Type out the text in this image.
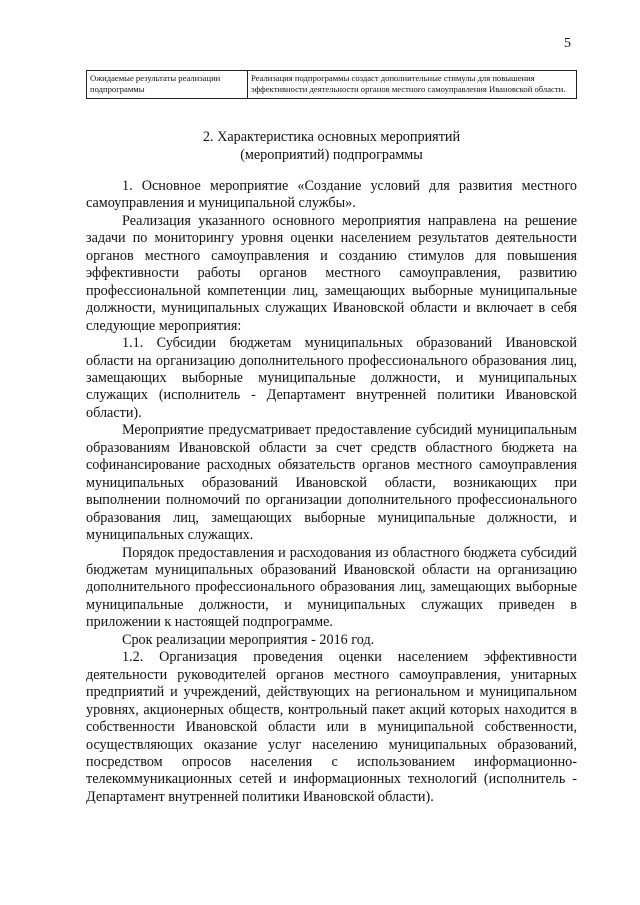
5
Ожидаемые результаты реализации подпрограммы	Реализация подпрограммы создаст дополнительные стимулы для повышения эффективности деятельности органов местного самоуправления Ивановской области.
2. Характеристика основных мероприятий
(мероприятий) подпрограммы

1. Основное мероприятие «Создание условий для развития местного самоуправления и муниципальной службы».

Реализация указанного основного мероприятия направлена на решение задачи по мониторингу уровня оценки населением результатов деятельности органов местного самоуправления и созданию стимулов для повышения эффективности работы органов местного самоуправления, развитию профессиональной компетенции лиц, замещающих выборные муниципальные должности, муниципальных служащих Ивановской области и включает в себя следующие мероприятия:

1.1. Субсидии бюджетам муниципальных образований Ивановской области на организацию дополнительного профессионального образования лиц, замещающих выборные муниципальные должности, и муниципальных служащих (исполнитель - Департамент внутренней политики Ивановской области).

Мероприятие предусматривает предоставление субсидий муниципальным образованиям Ивановской области за счет средств областного бюджета на софинансирование расходных обязательств органов местного самоуправления муниципальных образований Ивановской области, возникающих при выполнении полномочий по организации дополнительного профессионального образования лиц, замещающих выборные муниципальные должности, и муниципальных служащих.

Порядок предоставления и расходования из областного бюджета субсидий бюджетам муниципальных образований Ивановской области на организацию дополнительного профессионального образования лиц, замещающих выборные муниципальные должности, и муниципальных служащих приведен в приложении к настоящей подпрограмме.

Срок реализации мероприятия - 2016 год.

1.2. Организация проведения оценки населением эффективности деятельности руководителей органов местного самоуправления, унитарных предприятий и учреждений, действующих на региональном и муниципальном уровнях, акционерных обществ, контрольный пакет акций которых находится в собственности Ивановской области или в муниципальной собственности, осуществляющих оказание услуг населению муниципальных образований, посредством опросов населения с использованием информационно-телекоммуникационных сетей и информационных технологий (исполнитель - Департамент внутренней политики Ивановской области).
